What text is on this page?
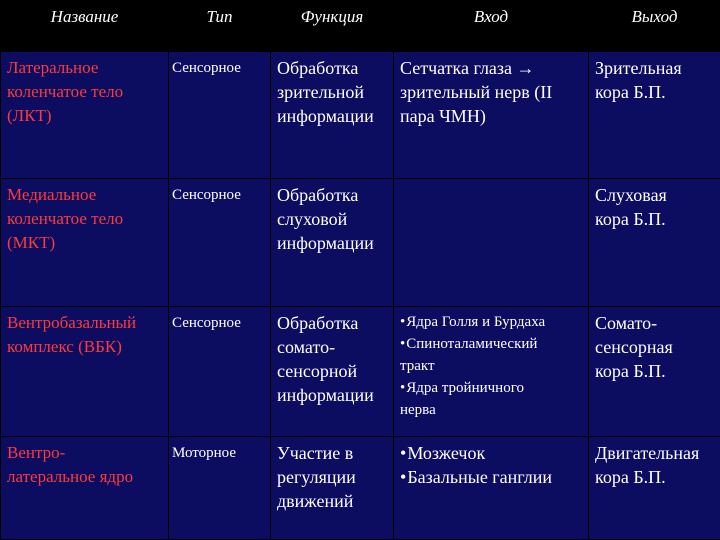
Название	Тип	Функция	Вход	Выход

Латеральное
коленчатое тело
(ЛКТ)	Сенсорное	Обработка
зрительной
информации	Сетчатка глаза →
зрительный нерв (II
пара ЧМН)	Зрительная
кора Б.П.

Медиальное
коленчатое тело
(МКТ)	Сенсорное	Обработка
слуховой
информации		Слуховая
кора Б.П.

Вентробазальный
комплекс (ВБК)	Сенсорное	Обработка
сомато-
сенсорной
информации	• Ядра Голля и Бурдаха
• Спиноталамический
тракт
• Ядра тройничного
нерва	Сомато-
сенсорная
кора Б.П.

Вентро-
латеральное ядро	Моторное	Участие в
регуляции
движений	• Мозжечок
• Базальные ганглии	Двигательная
кора Б.П.
